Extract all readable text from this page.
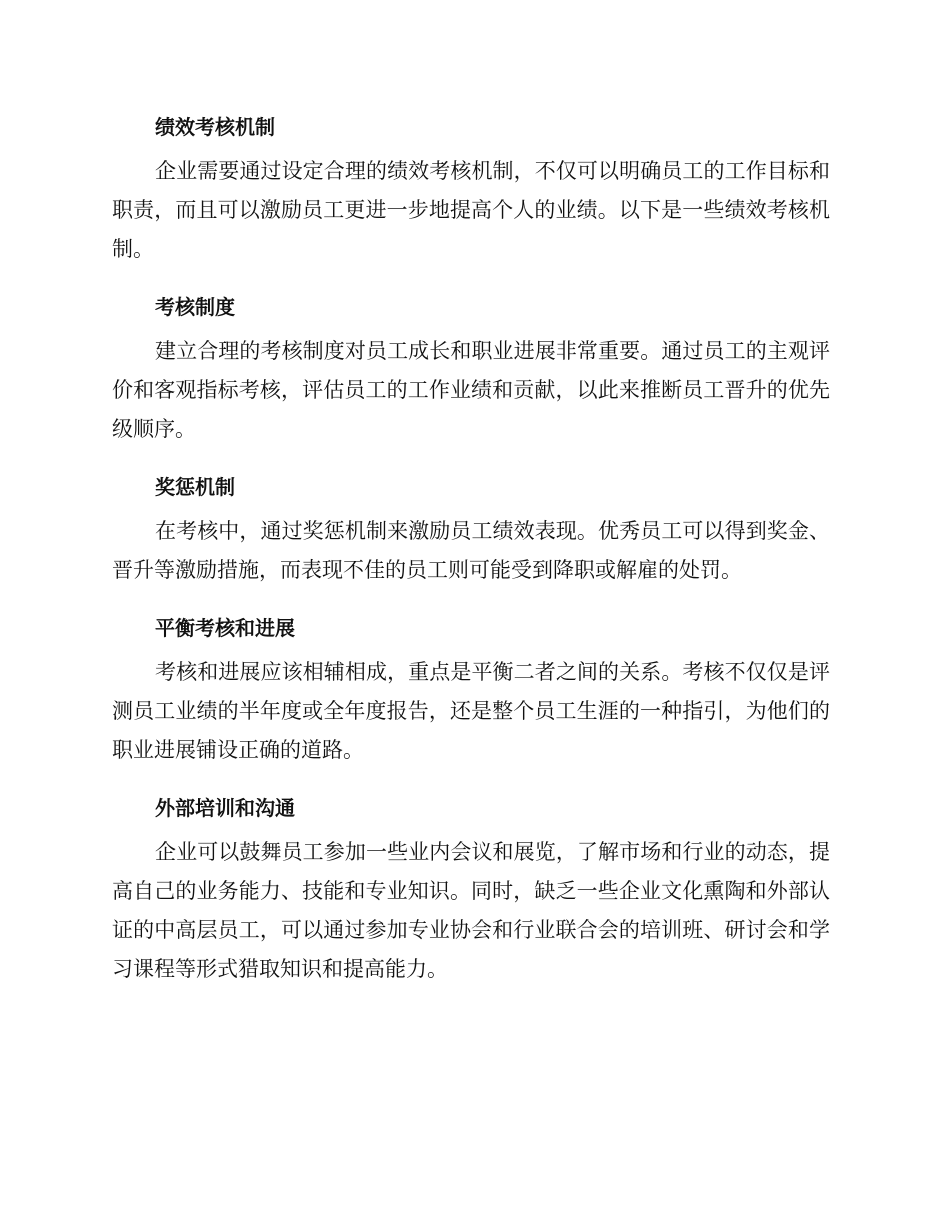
绩效考核机制

企业需要通过设定合理的绩效考核机制，不仅可以明确员工的工作目标和职责，而且可以激励员工更进一步地提高个人的业绩。以下是一些绩效考核机制。

考核制度

建立合理的考核制度对员工成长和职业进展非常重要。通过员工的主观评价和客观指标考核，评估员工的工作业绩和贡献，以此来推断员工晋升的优先级顺序。

奖惩机制

在考核中，通过奖惩机制来激励员工绩效表现。优秀员工可以得到奖金、晋升等激励措施，而表现不佳的员工则可能受到降职或解雇的处罚。

平衡考核和进展

考核和进展应该相辅相成，重点是平衡二者之间的关系。考核不仅仅是评测员工业绩的半年度或全年度报告，还是整个员工生涯的一种指引，为他们的职业进展铺设正确的道路。

外部培训和沟通

企业可以鼓舞员工参加一些业内会议和展览，了解市场和行业的动态，提高自己的业务能力、技能和专业知识。同时，缺乏一些企业文化熏陶和外部认证的中高层员工，可以通过参加专业协会和行业联合会的培训班、研讨会和学习课程等形式猎取知识和提高能力。
